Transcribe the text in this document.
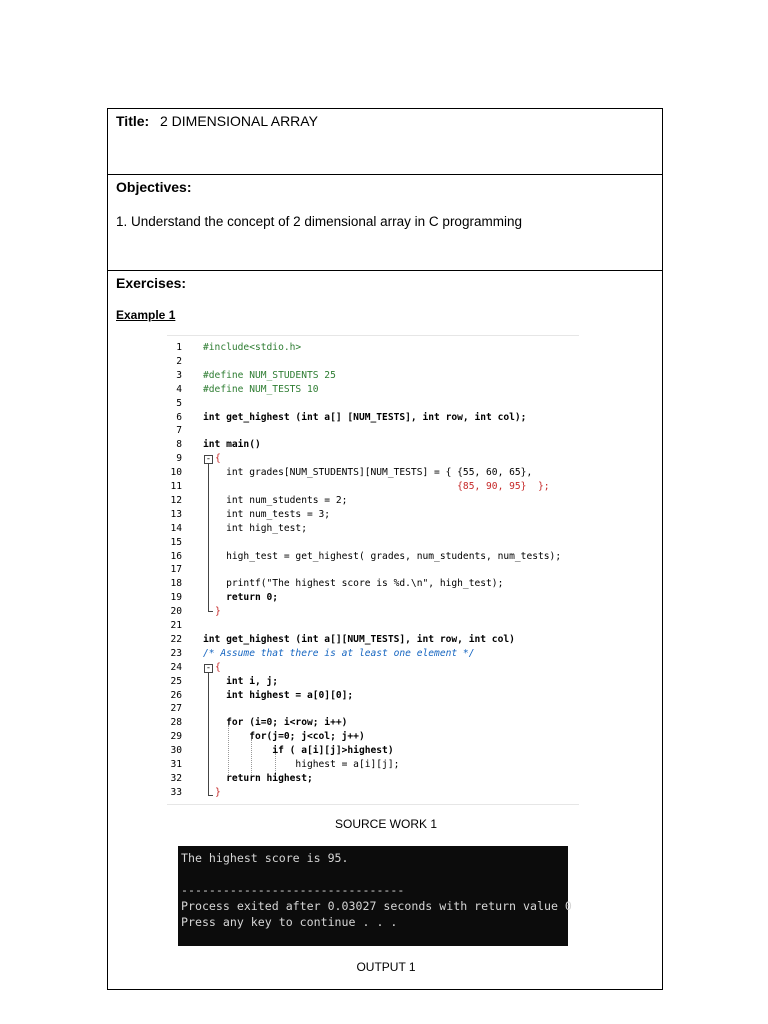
Title: 2 DIMENSIONAL ARRAY
Objectives:
1. Understand the concept of 2 dimensional array in C programming
Exercises:
Example 1
-
-
1 #include<stdio.h>
2
3 #define NUM_STUDENTS 25
4 #define NUM_TESTS 10
5
6 int get_highest (int a[] [NUM_TESTS], int row, int col);
7
8 int main()
9	{
10 int grades[NUM_STUDENTS][NUM_TESTS] = { {55, 60, 65},
11 {85, 90, 95}  };
12 int num_students = 2;
13 int num_tests = 3;
14 int high_test;
15
16 high_test = get_highest( grades, num_students, num_tests);
17
18 printf("The highest score is %d.\n", high_test);
19 return 0;
20	}
21
22 int get_highest (int a[][NUM_TESTS], int row, int col)
23 /* Assume that there is at least one element */
24	{
25 int i, j;
26 int highest = a[0][0];
27
28 for (i=0; i<row; i++)
29 for(j=0; j<col; j++)
30 if ( a[i][j]>highest)
31 highest = a[i][j];
32 return highest;
33	}
SOURCE WORK 1
The highest score is 95.
--------------------------------
Process exited after 0.03027 seconds with return value 0
Press any key to continue . . .
OUTPUT 1
